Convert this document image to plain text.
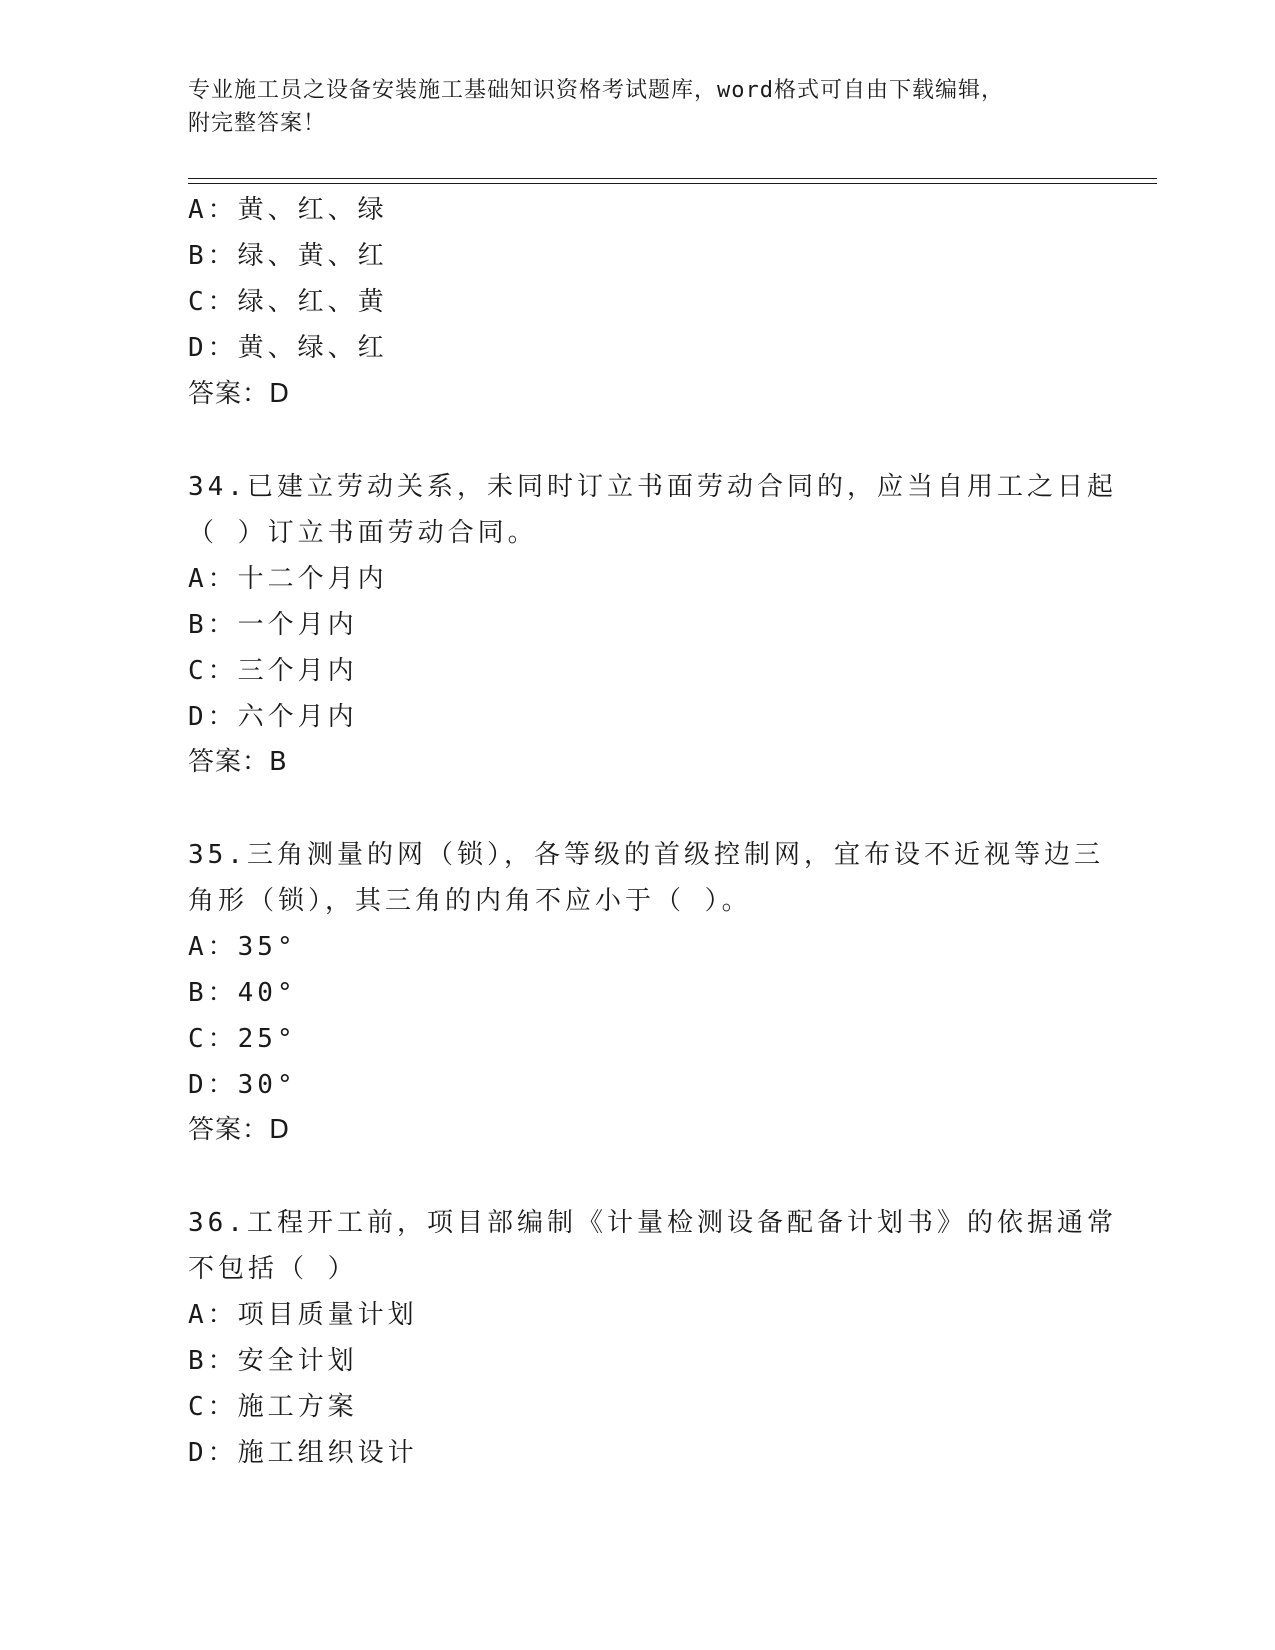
专业施工员之设备安装施工基础知识资格考试题库，word格式可自由下载编辑，
附完整答案！
A：黄、红、绿
B：绿、黄、红
C：绿、红、黄
D：黄、绿、红
答案：D
34.已建立劳动关系，未同时订立书面劳动合同的，应当自用工之日起
（ ）订立书面劳动合同。
A：十二个月内
B：一个月内
C：三个月内
D：六个月内
答案：B
35.三角测量的网（锁），各等级的首级控制网，宜布设不近视等边三
角形（锁），其三角的内角不应小于（ ）。
A：35°
B：40°
C：25°
D：30°
答案：D
36.工程开工前，项目部编制《计量检测设备配备计划书》的依据通常
不包括（ ）
A：项目质量计划
B：安全计划
C：施工方案
D：施工组织设计
